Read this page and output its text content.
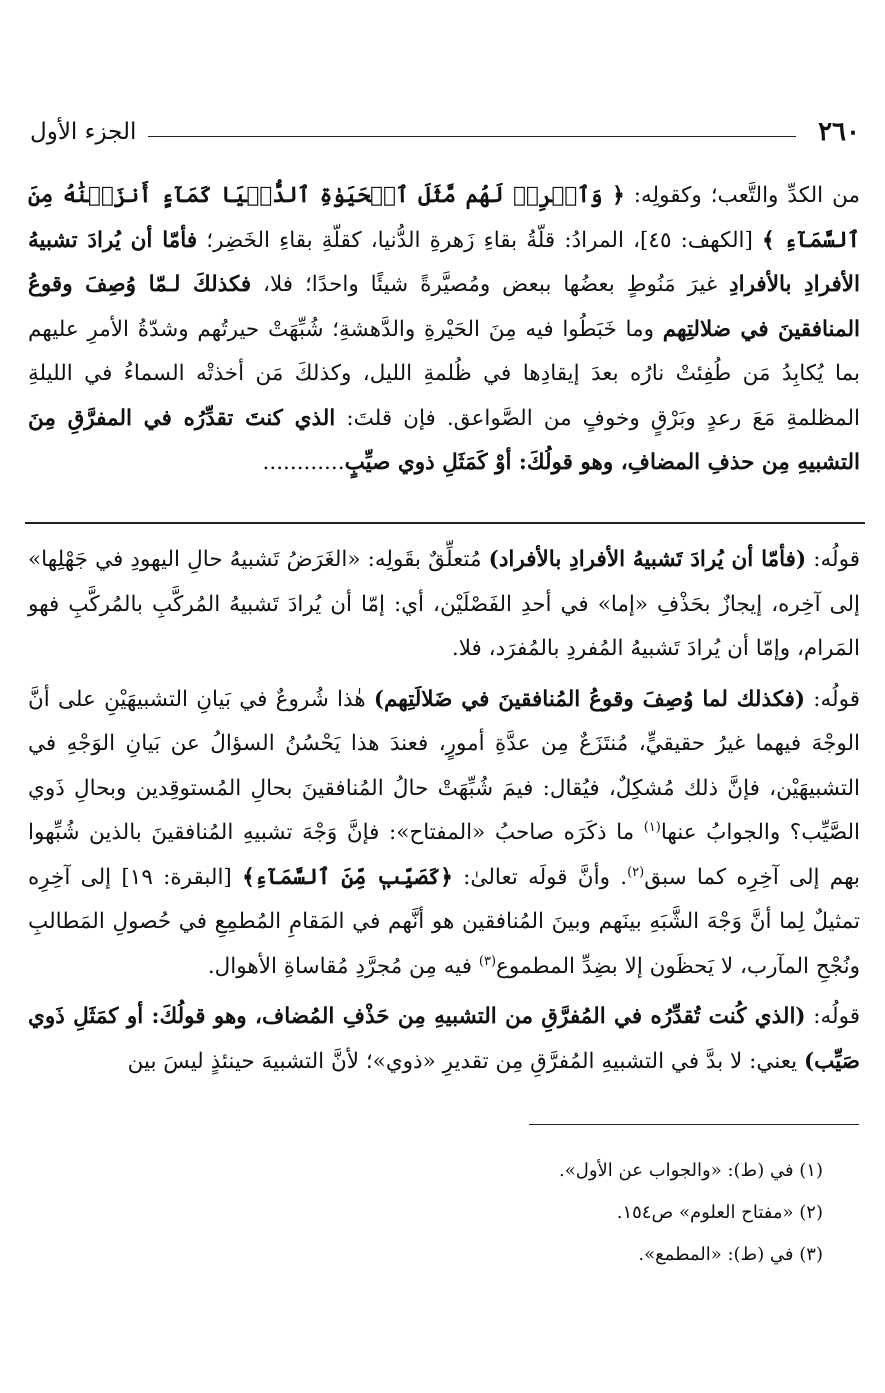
٢٦٠
الجزء الأول
من الكدِّ والتَّعب؛ وكقولِه: ﴿ وَٱضۡرِبۡ لَهُم مَّثَلَ ٱلۡحَيَوٰةِ ٱلدُّنۡيَا كَمَآءٍ أَنزَلۡنَٰهُ مِنَ ٱلسَّمَآءِ ﴾ [الكهف: ٤٥]، المرادُ: قلّةُ بقاءِ زَهرةِ الدُّنيا، كقلّةِ بقاءِ الخَضِر؛ فأمّا أن يُرادَ تشبيهُ الأفرادِ بالأفرادِ غيرَ مَنُوطٍ بعضُها ببعض ومُصيَّرةً شيئًا واحدًا؛ فلا، فكذلكَ لـمّا وُصِفَ وقوعُ المنافقينَ في ضلالتِهم وما خَبَطُوا فيه مِنَ الحَيْرةِ والدَّهشةِ؛ شُبِّهَتْ حيرتُهم وشدّةُ الأمرِ عليهم بما يُكابِدُ مَن طُفِئتْ نارُه بعدَ إيقادِها في ظُلمةِ الليل، وكذلكَ مَن أخذتْه السماءُ في الليلةِ المظلمةِ مَعَ رعدٍ وبَرْقٍ وخوفٍ من الصَّواعق. فإن قلتَ: الذي كنتَ تقدِّرُه في المفرَّقِ مِنَ التشبيهِ مِن حذفِ المضافِ، وهو قولُكَ: أوْ كَمَثَلِ ذوي صيِّبٍ............

قولُه: (فأمّا أن يُرادَ تَشبيهُ الأفرادِ بالأفراد) مُتعلِّقٌ بقَولِه: «الغَرَضُ تَشبيهُ حالِ اليهودِ في جَهْلِها» إلى آخِره، إيجازٌ بحَذْفِ «إما» في أحدِ الفَصْلَيْن، أي: إمّا أن يُرادَ تَشبيهُ المُركَّبِ بالمُركَّبِ فهو المَرام، وإمّا أن يُرادَ تَشبيهُ المُفردِ بالمُفرَد، فلا.

قولُه: (فكذلك لما وُصِفَ وقوعُ المُنافقينَ في ضَلالَتِهم) هٰذا شُروعٌ في بَيانِ التشبيهَيْنِ على أنَّ الوجْهَ فيهما غيرُ حقيقيٍّ، مُنتَزَعٌ مِن عدَّةِ أمورٍ، فعندَ هذا يَحْسُنُ السؤالُ عن بَيانِ الوَجْهِ في التشبيهَيْن، فإنَّ ذلك مُشكِلٌ، فيُقال: فيمَ شُبِّهَتْ حالُ المُنافقينَ بحالِ المُستوقِدين وبحالِ ذَوي الصَّيِّب؟ والجوابُ عنها$^{(١)}$ ما ذكَرَه صاحبُ «المفتاح»: فإنَّ وَجْهَ تشبيهِ المُنافقينَ بالذين شُبِّهوا بهم إلى آخِرِه كما سبق$^{(٢)}$. وأنَّ قولَه تعالىٰ: ﴿كَصَيِّبٖ مِّنَ ٱلسَّمَآءِ﴾ [البقرة: ١٩] إلى آخِرِه تمثيلٌ لِما أنَّ وَجْهَ الشَّبَهِ بينَهم وبينَ المُنافقين هو أنَّهم في المَقامِ المُطمِعِ في حُصولِ المَطالبِ ونُجْحِ المآرب، لا يَحظَون إلا بضِدِّ المطموع$^{(٣)}$ فيه مِن مُجرَّدِ مُقاساةِ الأهوال.

قولُه: (الذي كُنت تُقدِّرُه في المُفرَّقِ من التشبيهِ مِن حَذْفِ المُضاف، وهو قولُكَ: أو كمَثَلِ ذَوي صَيِّب) يعني: لا بدَّ في التشبيهِ المُفرَّقِ مِن تقديرِ «ذوي»؛ لأنَّ التشبيهَ حينئذٍ ليسَ بين

(١) في (ط): «والجواب عن الأول».
(٢) «مفتاح العلوم» ص١٥٤.
(٣) في (ط): «المطمع».
